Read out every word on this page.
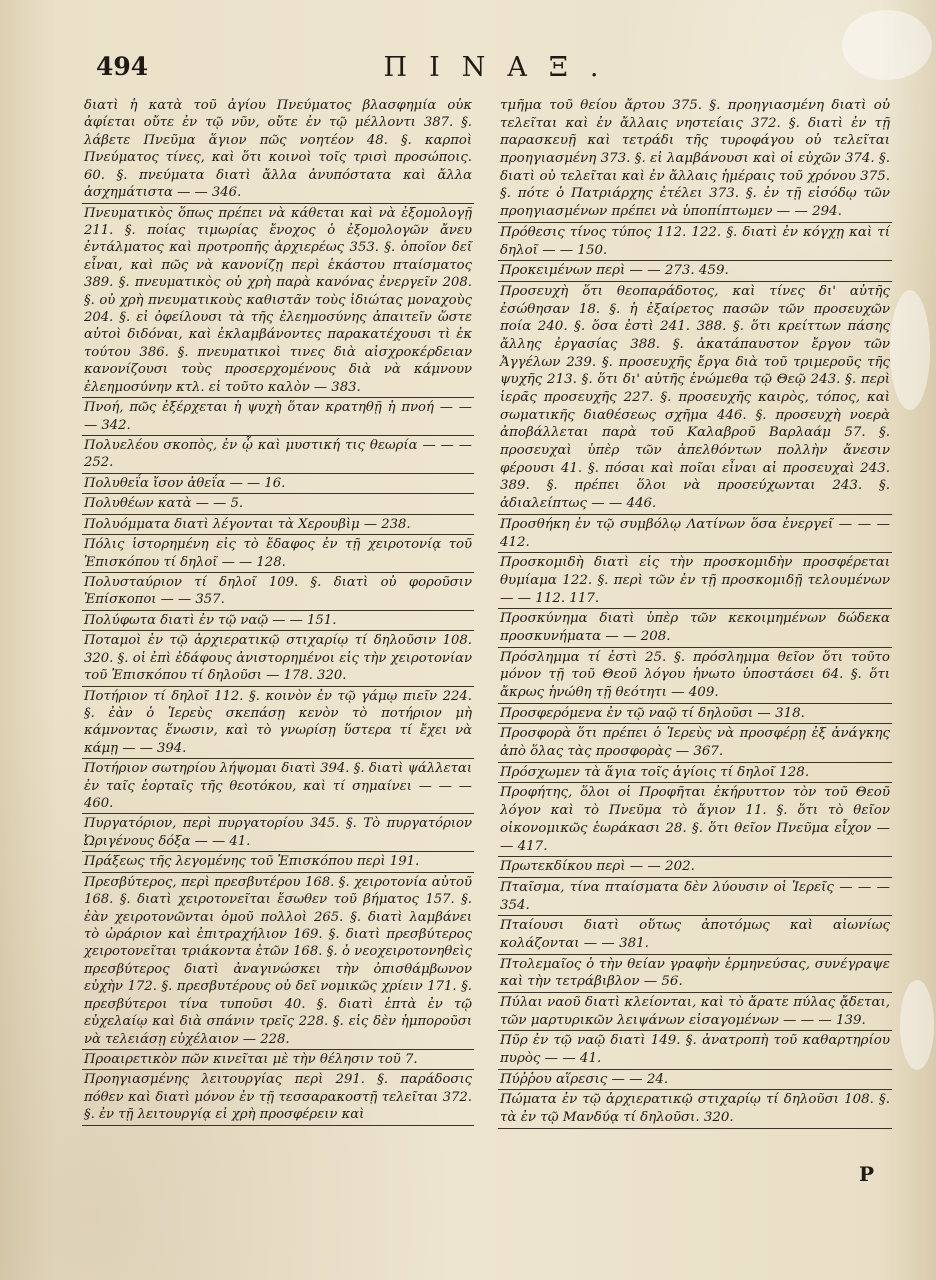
494	ΠΙΝΑΞ.
διατὶ ἡ κατὰ τοῦ ἁγίου Πνεύματος βλασφημία οὐκ ἀφίεται οὔτε ἐν τῷ νῦν, οὔτε ἐν τῷ μέλλοντι 387. §. λάβετε Πνεῦμα ἅγιον πῶς νοητέον 48. §. καρποὶ Πνεύματος τίνες, καὶ ὅτι κοινοὶ τοῖς τρισὶ προσώποις. 60. §. πνεύματα διατὶ ἄλλα ἀνυπόστατα καὶ ἄλλα ἀσχημάτιστα — — 346.
Πνευματικὸς ὅπως πρέπει νὰ κάθεται καὶ νὰ ἐξομολογῇ 211. §. ποίας τιμωρίας ἔνοχος ὁ ἐξομολογῶν ἄνευ ἐντάλματος καὶ προτροπῆς ἀρχιερέως 353. §. ὁποῖον δεῖ εἶναι, καὶ πῶς νὰ κανονίζῃ περὶ ἑκάστου πταίσματος 389. §. πνευματικὸς οὐ χρὴ παρὰ κανόνας ἐνεργεῖν 208. §. οὐ χρὴ πνευματικοὺς καθιστᾶν τοὺς ἰδιώτας μοναχοὺς 204. §. εἰ ὀφείλουσι τὰ τῆς ἐλεημοσύνης ἀπαιτεῖν ὥστε αὐτοὶ διδόναι, καὶ ἐκλαμβάνοντες παρακατέχουσι τὶ ἐκ τούτου 386. §. πνευματικοὶ τινες διὰ αἰσχροκέρδειαν κανονίζουσι τοὺς προσερχομένους διὰ νὰ κάμνουν ἐλεημοσύνην κτλ. εἰ τοῦτο καλὸν — 383.
Πνοή, πῶς ἐξέρχεται ἡ ψυχὴ ὅταν κρατηθῇ ἡ πνοή — — — 342.
Πολυελέου σκοπὸς, ἐν ᾧ καὶ μυστική τις θεωρία — — — 252.
Πολυθεΐα ἴσον ἀθεΐα — — 16.
Πολυθέων κατὰ — — 5.
Πολυόμματα διατὶ λέγονται τὰ Χερουβὶμ — 238.
Πόλις ἱστορημένη εἰς τὸ ἔδαφος ἐν τῇ χειροτονίᾳ τοῦ Ἐπισκόπου τί δηλοῖ — — 128.
Πολυσταύριον τί δηλοῖ 109. §. διατὶ οὐ φοροῦσιν Ἐπίσκοποι — — 357.
Πολύφωτα διατὶ ἐν τῷ ναῷ — — 151.
Ποταμοὶ ἐν τῷ ἀρχιερατικῷ στιχαρίῳ τί δηλοῦσιν 108. 320. §. οἱ ἐπὶ ἐδάφους ἀνιστορημένοι εἰς τὴν χειροτονίαν τοῦ Ἐπισκόπου τί δηλοῦσι — 178. 320.
Ποτήριον τί δηλοῖ 112. §. κοινὸν ἐν τῷ γάμῳ πιεῖν 224. §. ἐὰν ὁ Ἱερεὺς σκεπάσῃ κενὸν τὸ ποτήριον μὴ κάμνοντας ἕνωσιν, καὶ τὸ γνωρίσῃ ὕστερα τί ἔχει νὰ κάμῃ — — 394.
Ποτήριον σωτηρίου λήψομαι διατὶ 394. §. διατὶ ψάλλεται ἐν ταῖς ἑορταῖς τῆς θεοτόκου, καὶ τί σημαίνει — — — 460.
Πυργατόριον, περὶ πυργατορίου 345. §. Τὸ πυργατόριον Ὠριγένους δόξα — — 41.
Πράξεως τῆς λεγομένης τοῦ Ἐπισκόπου περὶ 191.
Πρεσβύτερος, περὶ πρεσβυτέρου 168. §. χειροτονία αὐτοῦ 168. §. διατὶ χειροτονεῖται ἔσωθεν τοῦ βήματος 157. §. ἐὰν χειροτονῶνται ὁμοῦ πολλοὶ 265. §. διατὶ λαμβάνει τὸ ὠράριον καὶ ἐπιτραχήλιον 169. §. διατὶ πρεσβύτερος χειροτονεῖται τριάκοντα ἐτῶν 168. §. ὁ νεοχειροτονηθεὶς πρεσβύτερος διατὶ ἀναγινώσκει τὴν ὀπισθάμβωνον εὐχὴν 172. §. πρεσβυτέρους οὐ δεῖ νομικῶς χρίειν 171. §. πρεσβύτεροι τίνα τυποῦσι 40. §. διατὶ ἑπτὰ ἐν τῷ εὐχελαίῳ καὶ διὰ σπάνιν τρεῖς 228. §. εἰς δὲν ἡμποροῦσι νὰ τελειάσῃ εὐχέλαιον — 228.
Προαιρετικὸν πῶν κινεῖται μὲ τὴν θέλησιν τοῦ 7.
Προηγιασμένης λειτουργίας περὶ 291. §. παράδοσις πόθεν καὶ διατὶ μόνον ἐν τῇ τεσσαρακοστῇ τελεῖται 372. §. ἐν τῇ λειτουργίᾳ εἰ χρὴ προσφέρειν καὶ
τμῆμα τοῦ θείου ἄρτου 375. §. προηγιασμένη διατὶ οὐ τελεῖται καὶ ἐν ἄλλαις νηστείαις 372. §. διατὶ ἐν τῇ παρασκευῇ καὶ τετράδι τῆς τυροφάγου οὐ τελεῖται προηγιασμένη 373. §. εἰ λαμβάνουσι καὶ οἱ εὐχῶν 374. §. διατὶ οὐ τελεῖται καὶ ἐν ἄλλαις ἡμέραις τοῦ χρόνου 375. §. πότε ὁ Πατριάρχης ἐτέλει 373. §. ἐν τῇ εἰσόδῳ τῶν προηγιασμένων πρέπει νὰ ὑποπίπτωμεν — — 294.
Πρόθεσις τίνος τύπος 112. 122. §. διατὶ ἐν κόγχῃ καὶ τί δηλοῖ — — 150.
Προκειμένων περὶ — — 273. 459.
Προσευχὴ ὅτι θεοπαράδοτος, καὶ τίνες δι' αὐτῆς ἐσώθησαν 18. §. ἡ ἐξαίρετος πασῶν τῶν προσευχῶν ποία 240. §. ὅσα ἐστὶ 241. 388. §. ὅτι κρείττων πάσης ἄλλης ἐργασίας 388. §. ἀκατάπαυστον ἔργον τῶν Ἀγγέλων 239. §. προσευχῆς ἔργα διὰ τοῦ τριμεροῦς τῆς ψυχῆς 213. §. ὅτι δι' αὐτῆς ἑνώμεθα τῷ Θεῷ 243. §. περὶ ἱερᾶς προσευχῆς 227. §. προσευχῆς καιρὸς, τόπος, καὶ σωματικῆς διαθέσεως σχῆμα 446. §. προσευχὴ νοερὰ ἀποβάλλεται παρὰ τοῦ Καλαβροῦ Βαρλαάμ 57. §. προσευχαὶ ὑπὲρ τῶν ἀπελθόντων πολλὴν ἄνεσιν φέρουσι 41. §. πόσαι καὶ ποῖαι εἶναι αἱ προσευχαὶ 243. 389. §. πρέπει ὅλοι νὰ προσεύχωνται 243. §. ἀδιαλείπτως — — 446.
Προσθήκη ἐν τῷ συμβόλῳ Λατίνων ὅσα ἐνεργεῖ — — — 412.
Προσκομιδὴ διατὶ εἰς τὴν προσκομιδὴν προσφέρεται θυμίαμα 122. §. περὶ τῶν ἐν τῇ προσκομιδῇ τελουμένων — — 112. 117.
Προσκύνημα διατὶ ὑπὲρ τῶν κεκοιμημένων δώδεκα προσκυνήματα — — 208.
Πρόσλημμα τί ἐστὶ 25. §. πρόσλημμα θεῖον ὅτι τοῦτο μόνον τῇ τοῦ Θεοῦ λόγου ἡνωτο ὑποστάσει 64. §. ὅτι ἄκρως ἡνώθη τῇ θεότητι — 409.
Προσφερόμενα ἐν τῷ ναῷ τί δηλοῦσι — 318.
Προσφορὰ ὅτι πρέπει ὁ Ἱερεὺς νὰ προσφέρῃ ἐξ ἀνάγκης ἀπὸ ὅλας τὰς προσφορὰς — 367.
Πρόσχωμεν τὰ ἅγια τοῖς ἁγίοις τί δηλοῖ 128.
Προφήτης, ὅλοι οἱ Προφῆται ἐκήρυττον τὸν τοῦ Θεοῦ λόγον καὶ τὸ Πνεῦμα τὸ ἅγιον 11. §. ὅτι τὸ θεῖον οἰκονομικῶς ἑωράκασι 28. §. ὅτι θεῖον Πνεῦμα εἶχον — — 417.
Πρωτεκδίκου περὶ — — 202.
Πταῖσμα, τίνα πταίσματα δὲν λύουσιν οἱ Ἱερεῖς — — — 354.
Πταίουσι διατὶ οὕτως ἀποτόμως καὶ αἰωνίως κολάζονται — — 381.
Πτολεμαῖος ὁ τὴν θείαν γραφὴν ἑρμηνεύσας, συνέγραψε καὶ τὴν τετράβιβλον — 56.
Πύλαι ναοῦ διατὶ κλείονται, καὶ τὸ ἄρατε πύλας ᾄδεται, τῶν μαρτυρικῶν λειψάνων εἰσαγομένων — — — 139.
Πῦρ ἐν τῷ ναῷ διατὶ 149. §. ἀνατροπὴ τοῦ καθαρτηρίου πυρὸς — — 41.
Πύῤῥου αἵρεσις — — 24.
Πώματα ἐν τῷ ἀρχιερατικῷ στιχαρίῳ τί δηλοῦσι 108. §. τὰ ἐν τῷ Μανδύᾳ τί δηλοῦσι. 320.
P
